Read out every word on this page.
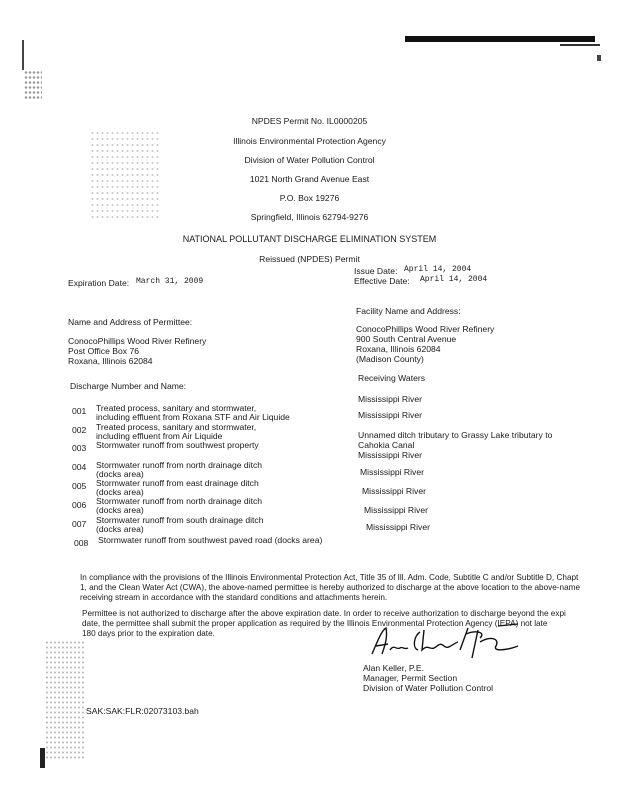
NPDES Permit No. IL0000205
Illinois Environmental Protection Agency
Division of Water Pollution Control
1021 North Grand Avenue East
P.O. Box 19276
Springfield, Illinois 62794-9276
NATIONAL POLLUTANT DISCHARGE ELIMINATION SYSTEM
Reissued (NPDES) Permit
Expiration Date: March 31, 2009
Issue Date: April 14, 2004
Effective Date: April 14, 2004
Name and Address of Permittee:
ConocoPhillips Wood River Refinery
Post Office Box 76
Roxana, Illinois 62084
Facility Name and Address:
ConocoPhillips Wood River Refinery
900 South Central Avenue
Roxana, Illinois 62084
(Madison County)
Discharge Number and Name:
Receiving Waters
001 Treated process, sanitary and stormwater,
including effluent from Roxana STF and Air Liquide
Mississippi River
002 Treated process, sanitary and stormwater,
including effluent from Air Liquide
Mississippi River
003 Stormwater runoff from southwest property
Unnamed ditch tributary to Grassy Lake tributary to
Cahokia Canal
Mississippi River
004 Stormwater runoff from north drainage ditch
(docks area)	Mississippi River
005 Stormwater runoff from east drainage ditch
(docks area)	Mississippi River
006 Stormwater runoff from north drainage ditch
(docks area)	Mississippi River
007 Stormwater runoff from south drainage ditch
(docks area)	Mississippi River
008 Stormwater runoff from southwest paved road (docks area)
In compliance with the provisions of the Illinois Environmental Protection Act, Title 35 of Ill. Adm. Code, Subtitle C and/or Subtitle D, Chapt
1, and the Clean Water Act (CWA), the above-named permittee is hereby authorized to discharge at the above location to the above-name
receiving stream in accordance with the standard conditions and attachments herein.
Permittee is not authorized to discharge after the above expiration date. In order to receive authorization to discharge beyond the expi
date, the permittee shall submit the proper application as required by the Illinois Environmental Protection Agency (IEPA) not late
180 days prior to the expiration date.
Alan Keller, P.E.
Manager, Permit Section
Division of Water Pollution Control
SAK:SAK:FLR:02073103.bah
